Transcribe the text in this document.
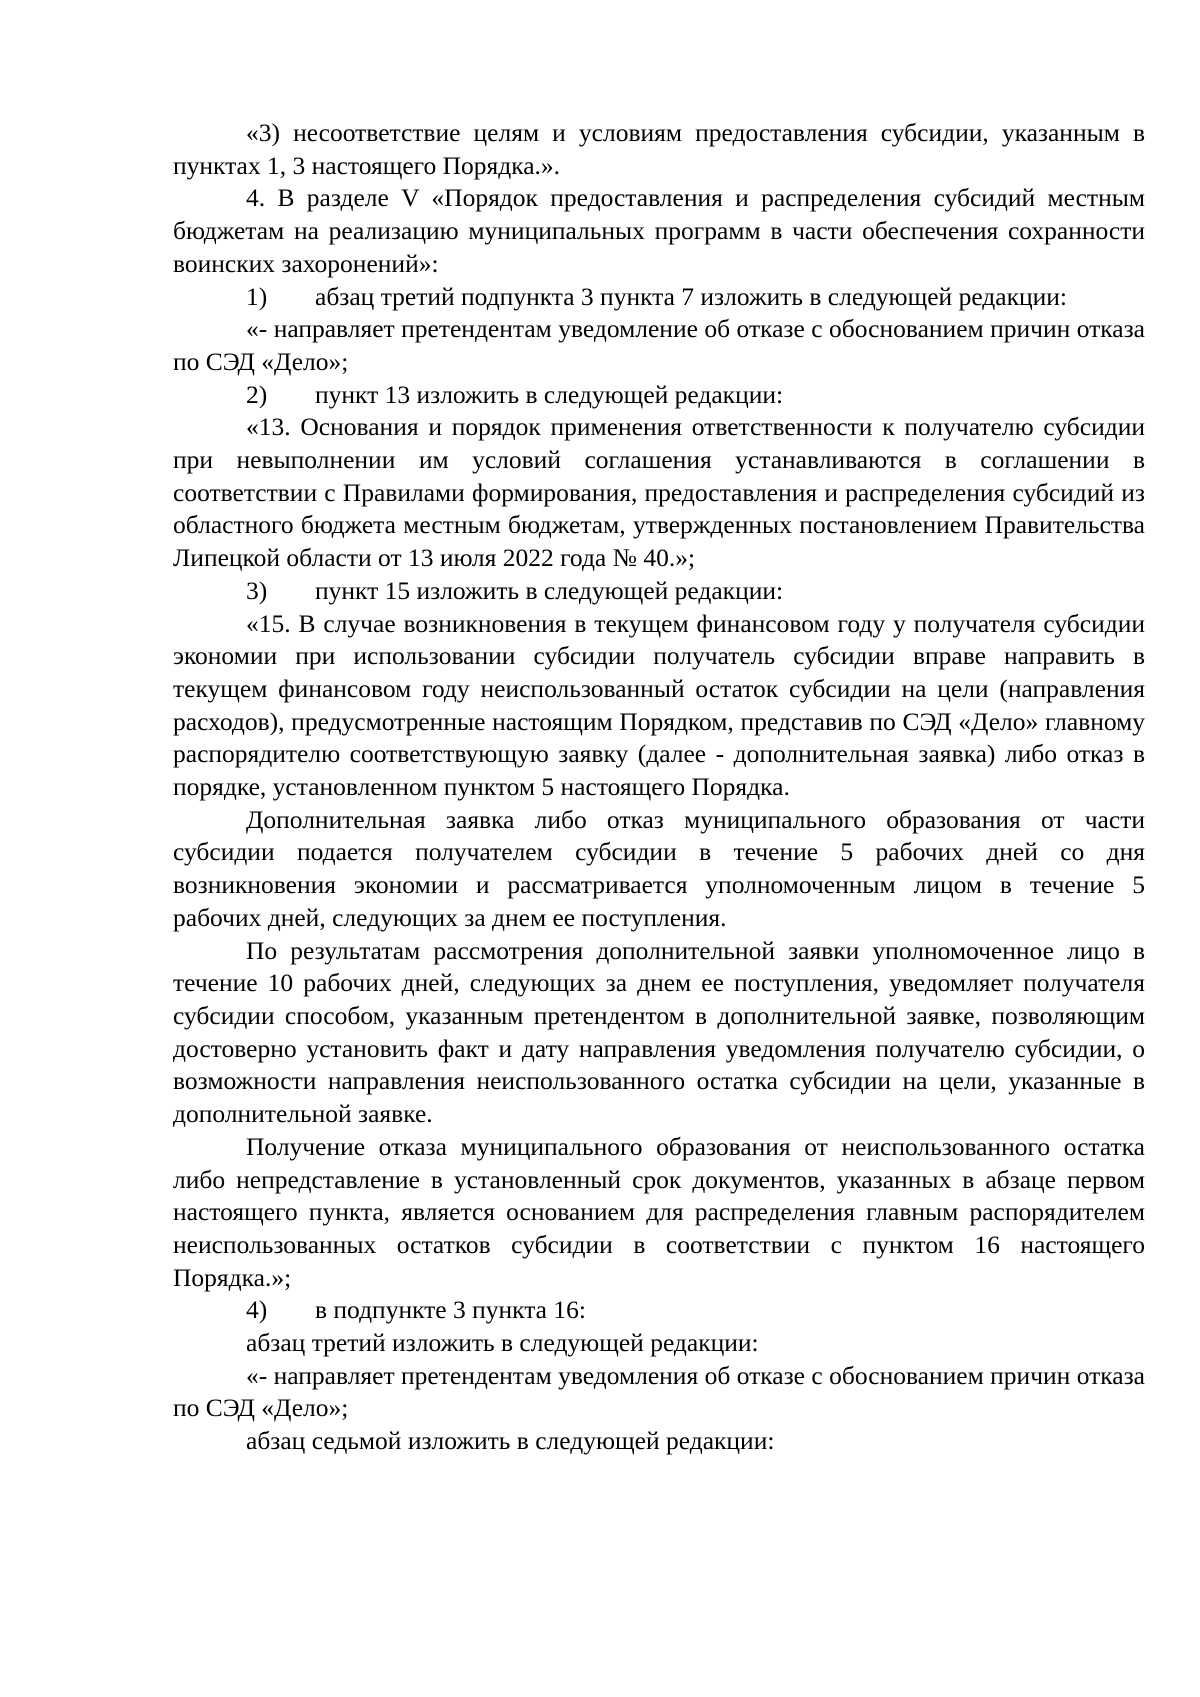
«3) несоответствие целям и условиям предоставления субсидии, указанным в пунктах 1, 3 настоящего Порядка.».

4. В разделе V «Порядок предоставления и распределения субсидий местным бюджетам на реализацию муниципальных программ в части обеспечения сохранности воинских захоронений»:

1) абзац третий подпункта 3 пункта 7 изложить в следующей редакции:

«- направляет претендентам уведомление об отказе с обоснованием причин отказа по СЭД «Дело»;

2) пункт 13 изложить в следующей редакции:

«13. Основания и порядок применения ответственности к получателю субсидии при невыполнении им условий соглашения устанавливаются в соглашении в соответствии с Правилами формирования, предоставления и распределения субсидий из областного бюджета местным бюджетам, утвержденных постановлением Правительства Липецкой области от 13 июля 2022 года № 40.»;

3) пункт 15 изложить в следующей редакции:

«15. В случае возникновения в текущем финансовом году у получателя субсидии экономии при использовании субсидии получатель субсидии вправе направить в текущем финансовом году неиспользованный остаток субсидии на цели (направления расходов), предусмотренные настоящим Порядком, представив по СЭД «Дело» главному распорядителю соответствующую заявку (далее - дополнительная заявка) либо отказ в порядке, установленном пунктом 5 настоящего Порядка.

Дополнительная заявка либо отказ муниципального образования от части субсидии подается получателем субсидии в течение 5 рабочих дней со дня возникновения экономии и рассматривается уполномоченным лицом в течение 5 рабочих дней, следующих за днем ее поступления.

По результатам рассмотрения дополнительной заявки уполномоченное лицо в течение 10 рабочих дней, следующих за днем ее поступления, уведомляет получателя субсидии способом, указанным претендентом в дополнительной заявке, позволяющим достоверно установить факт и дату направления уведомления получателю субсидии, о возможности направления неиспользованного остатка субсидии на цели, указанные в дополнительной заявке.

Получение отказа муниципального образования от неиспользованного остатка либо непредставление в установленный срок документов, указанных в абзаце первом настоящего пункта, является основанием для распределения главным распорядителем неиспользованных остатков субсидии в соответствии с пунктом 16 настоящего Порядка.»;

4) в подпункте 3 пункта 16:

абзац третий изложить в следующей редакции:

«- направляет претендентам уведомления об отказе с обоснованием причин отказа по СЭД «Дело»;

абзац седьмой изложить в следующей редакции:
